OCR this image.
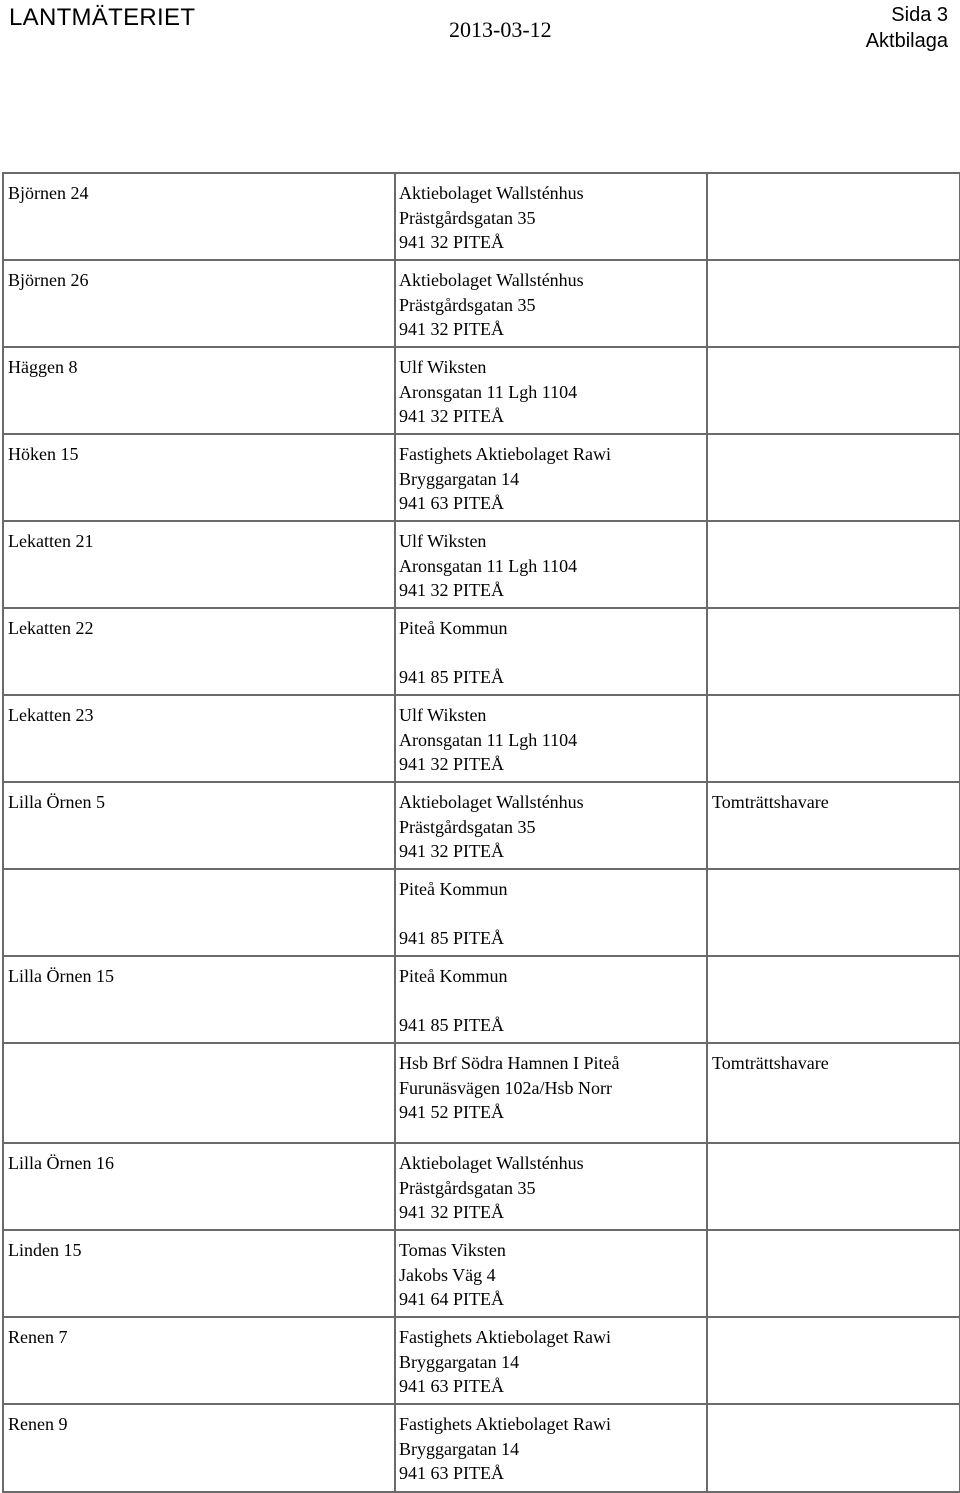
LANTMÄTERIET	2013-03-12
Sida 3
Aktbilaga
Björnen 24	Aktiebolaget Wallsténhus
Prästgårdsgatan 35
941 32 PITEÅ	

Björnen 26	Aktiebolaget Wallsténhus
Prästgårdsgatan 35
941 32 PITEÅ	

Häggen 8	Ulf Wiksten
Aronsgatan 11 Lgh 1104
941 32 PITEÅ	

Höken 15	Fastighets Aktiebolaget Rawi
Bryggargatan 14
941 63 PITEÅ	

Lekatten 21	Ulf Wiksten
Aronsgatan 11 Lgh 1104
941 32 PITEÅ	

Lekatten 22	Piteå Kommun
941 85 PITEÅ	

Lekatten 23	Ulf Wiksten
Aronsgatan 11 Lgh 1104
941 32 PITEÅ	

Lilla Örnen 5	Aktiebolaget Wallsténhus
Prästgårdsgatan 35
941 32 PITEÅ	Tomträttshavare

	Piteå Kommun
941 85 PITEÅ	

Lilla Örnen 15	Piteå Kommun
941 85 PITEÅ	

	Hsb Brf Södra Hamnen I Piteå
Furunäsvägen 102a/Hsb Norr
941 52 PITEÅ	Tomträttshavare

Lilla Örnen 16	Aktiebolaget Wallsténhus
Prästgårdsgatan 35
941 32 PITEÅ	

Linden 15	Tomas Viksten
Jakobs Väg 4
941 64 PITEÅ	

Renen 7	Fastighets Aktiebolaget Rawi
Bryggargatan 14
941 63 PITEÅ	

Renen 9	Fastighets Aktiebolaget Rawi
Bryggargatan 14
941 63 PITEÅ	
